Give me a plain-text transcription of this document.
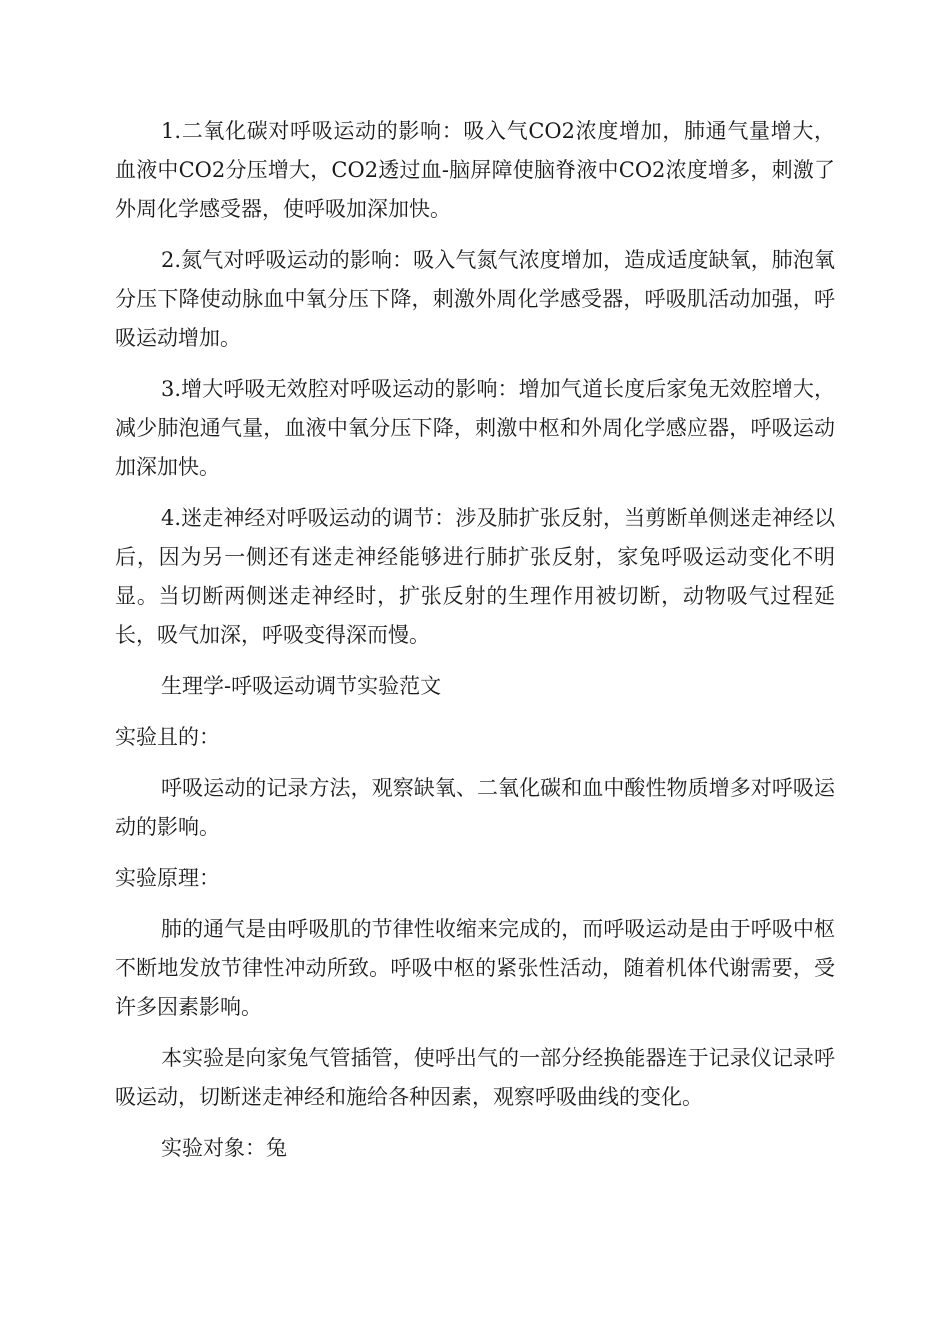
1.二氧化碳对呼吸运动的影响：吸入气CO2浓度增加，肺通气量增大，血液中CO2分压增大，CO2透过血-脑屏障使脑脊液中CO2浓度增多，刺激了外周化学感受器，使呼吸加深加快。

2.氮气对呼吸运动的影响：吸入气氮气浓度增加，造成适度缺氧，肺泡氧分压下降使动脉血中氧分压下降，刺激外周化学感受器，呼吸肌活动加强，呼吸运动增加。

3.增大呼吸无效腔对呼吸运动的影响：增加气道长度后家兔无效腔增大，减少肺泡通气量，血液中氧分压下降，刺激中枢和外周化学感应器，呼吸运动加深加快。

4.迷走神经对呼吸运动的调节：涉及肺扩张反射，当剪断单侧迷走神经以后，因为另一侧还有迷走神经能够进行肺扩张反射，家兔呼吸运动变化不明显。当切断两侧迷走神经时，扩张反射的生理作用被切断，动物吸气过程延长，吸气加深，呼吸变得深而慢。

生理学-呼吸运动调节实验范文

实验且的：

呼吸运动的记录方法，观察缺氧、二氧化碳和血中酸性物质增多对呼吸运动的影响。

实验原理：

肺的通气是由呼吸肌的节律性收缩来完成的，而呼吸运动是由于呼吸中枢不断地发放节律性冲动所致。呼吸中枢的紧张性活动，随着机体代谢需要，受许多因素影响。

本实验是向家兔气管插管，使呼出气的一部分经换能器连于记录仪记录呼吸运动，切断迷走神经和施给各种因素，观察呼吸曲线的变化。

实验对象：兔
